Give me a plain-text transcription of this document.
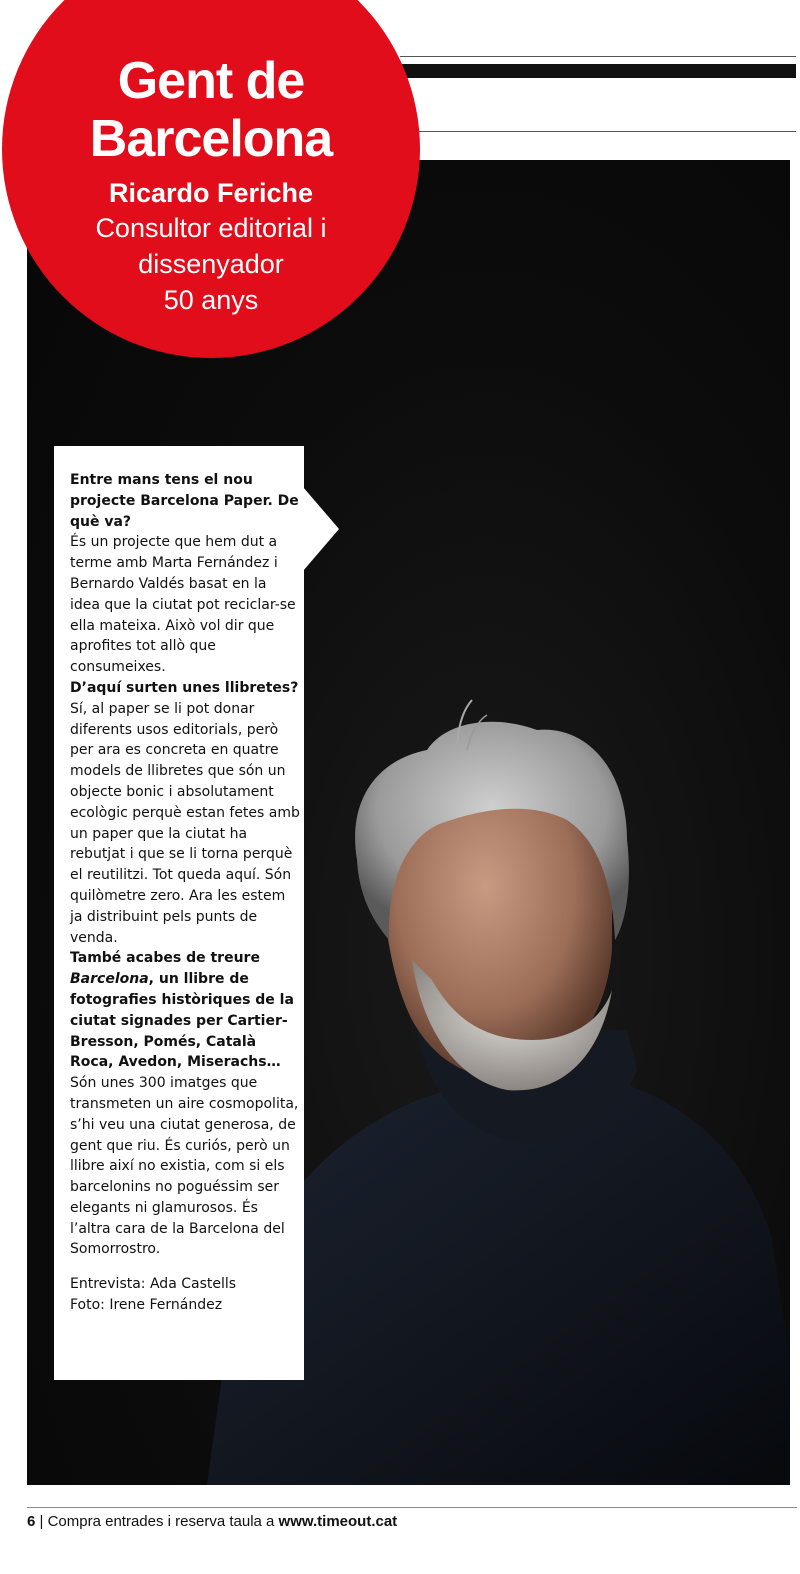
Gent de
Barcelona
Ricardo Feriche
Consultor editorial i dissenyador
50 anys

Entre mans tens el nou projecte Barcelona Paper. De què va?

És un projecte que hem dut a terme amb Marta Fernández i Bernardo Valdés basat en la idea que la ciutat pot reciclar-se ella mateixa. Això vol dir que aprofites tot allò que consumeixes.

D’aquí surten unes llibretes?

Sí, al paper se li pot donar diferents usos editorials, però per ara es concreta en quatre models de llibretes que són un objecte bonic i absolutament ecològic perquè estan fetes amb un paper que la ciutat ha rebutjat i que se li torna perquè el reutilitzi. Tot queda aquí. Són quilòmetre zero. Ara les estem ja distribuint pels punts de venda.

També acabes de treure Barcelona, un llibre de fotografies històriques de la ciutat signades per Cartier-Bresson, Pomés, Català Roca, Avedon, Miserachs…

Són unes 300 imatges que transmeten un aire cosmopolita, s’hi veu una ciutat generosa, de gent que riu. És curiós, però un llibre així no existia, com si els barcelonins no poguéssim ser elegants ni glamurosos. És l’altra cara de la Barcelona del Somorrostro.

Entrevista: Ada Castells

Foto: Irene Fernández

6 | Compra entrades i reserva taula a www.timeout.cat
